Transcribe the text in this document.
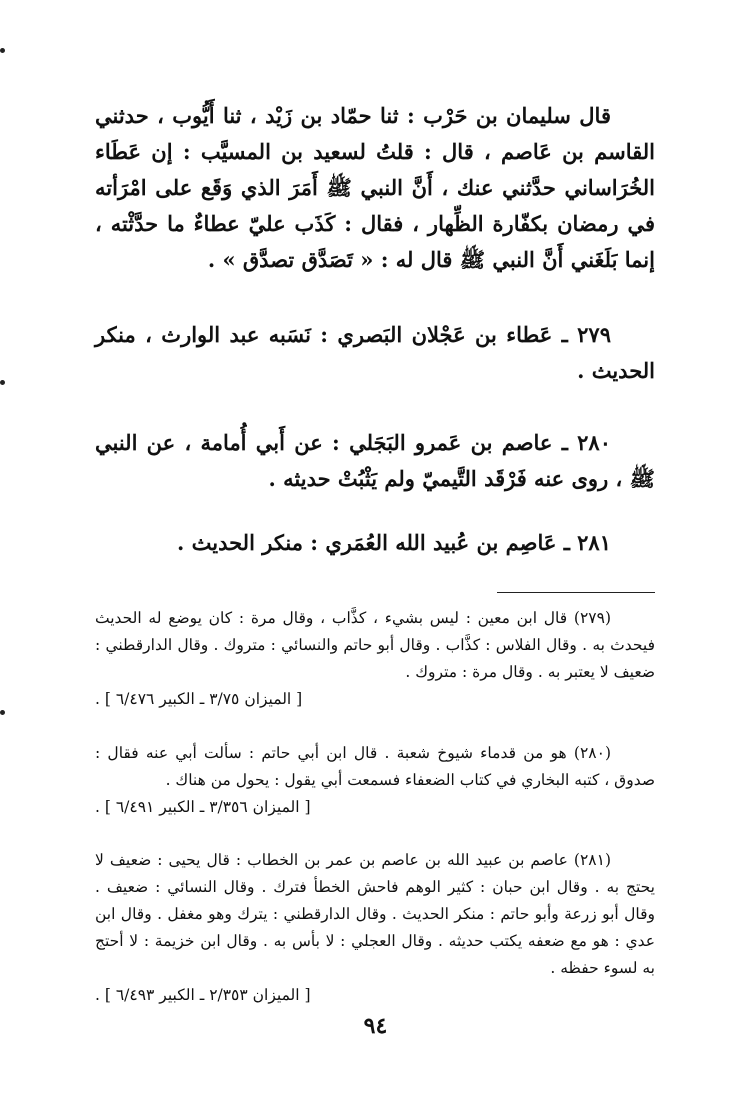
قال سليمان بن حَرْب : ثنا حمّاد بن زَيْد ، ثنا أَيُّوب ، حدثني القاسم بن عَاصم ، قال : قلتُ لسعيد بن المسيَّب : إن عَطَاء الخُرَاساني حدَّثني عنك ، أَنَّ النبي ﷺ أَمَرَ الذي وَقَع على امْرَأته في رمضان بكفّارة الظِّهار ، فقال : كَذَب عليّ عطاءٌ ما حدَّثْته ، إنما بَلَغَني أَنَّ النبي ﷺ قال له : « تَصَدَّق تصدَّق » .

٢٧٩ ـ عَطاء بن عَجْلان البَصري : نَسَبه عبد الوارث ، منكر الحديث .

٢٨٠ ـ عاصم بن عَمرو البَجَلي : عن أَبي أُمامة ، عن النبي ﷺ ، روى عنه فَرْقَد التَّيميّ ولم يَثْبُتْ حديثه .

٢٨١ ـ عَاصِم بن عُبيد الله العُمَري : منكر الحديث .

(٢٧٩) قال ابن معين : ليس بشيء ، كذَّاب ، وقال مرة : كان يوضع له الحديث فيحدث به . وقال الفلاس : كذَّاب . وقال أبو حاتم والنسائي : متروك . وقال الدارقطني : ضعيف لا يعتبر به . وقال مرة : متروك .

[ الميزان ٣/٧٥ ـ الكبير ٦/٤٧٦ ] .

(٢٨٠) هو من قدماء شيوخ شعبة . قال ابن أبي حاتم : سألت أبي عنه فقال : صدوق ، كتبه البخاري في كتاب الضعفاء فسمعت أبي يقول : يحول من هناك .

[ الميزان ٣/٣٥٦ ـ الكبير ٦/٤٩١ ] .

(٢٨١) عاصم بن عبيد الله بن عاصم بن عمر بن الخطاب : قال يحيى : ضعيف لا يحتج به . وقال ابن حبان : كثير الوهم فاحش الخطأ فترك . وقال النسائي : ضعيف . وقال أبو زرعة وأبو حاتم : منكر الحديث . وقال الدارقطني : يترك وهو مغفل . وقال ابن عدي : هو مع ضعفه يكتب حديثه . وقال العجلي : لا بأس به . وقال ابن خزيمة : لا أحتج به لسوء حفظه .

[ الميزان ٢/٣٥٣ ـ الكبير ٦/٤٩٣ ] .
٩٤
